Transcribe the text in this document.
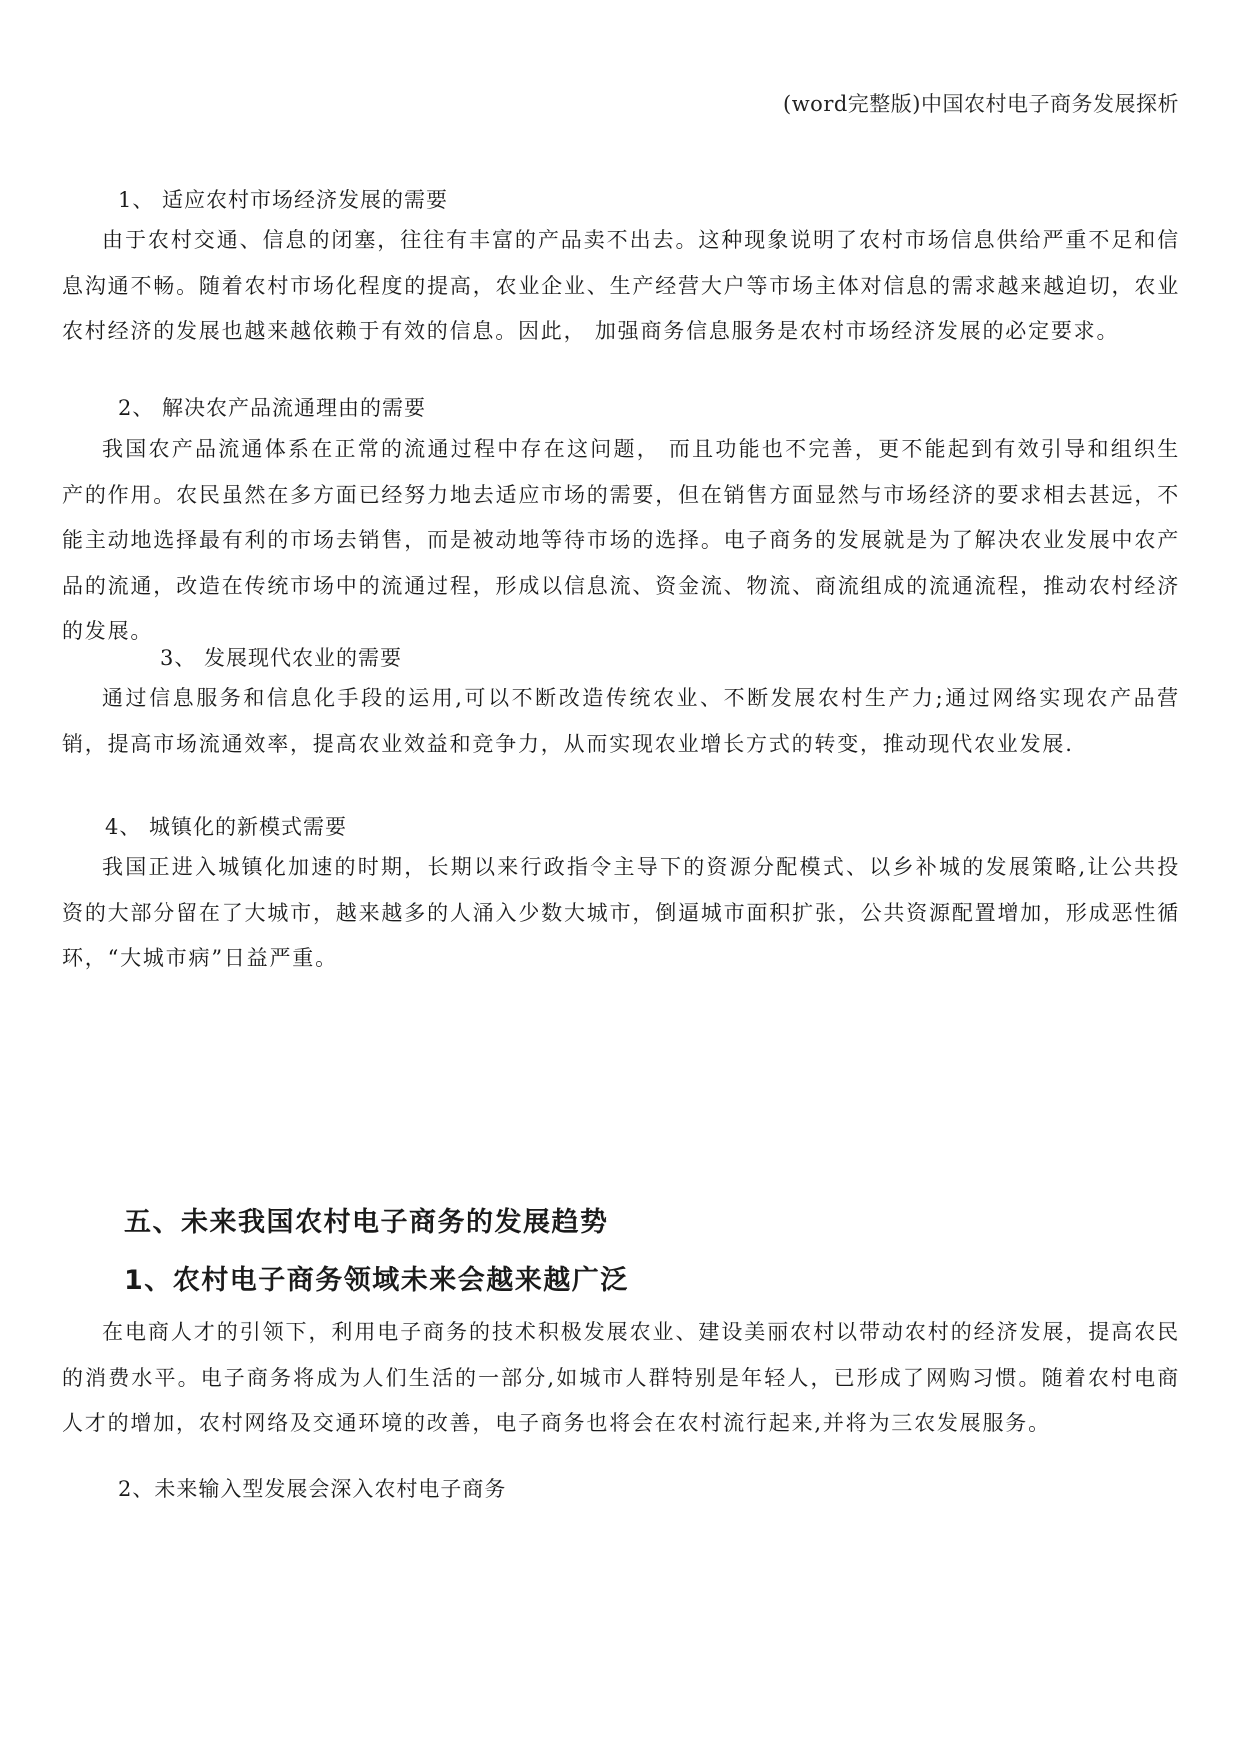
(word完整版)中国农村电子商务发展探析
1、 适应农村市场经济发展的需要

由于农村交通、信息的闭塞，往往有丰富的产品卖不出去。这种现象说明了农村市场信息供给严重不足和信息沟通不畅。随着农村市场化程度的提高，农业企业、生产经营大户等市场主体对信息的需求越来越迫切，农业农村经济的发展也越来越依赖于有效的信息。因此， 加强商务信息服务是农村市场经济发展的必定要求。

2、 解决农产品流通理由的需要

我国农产品流通体系在正常的流通过程中存在这问题， 而且功能也不完善，更不能起到有效引导和组织生产的作用。农民虽然在多方面已经努力地去适应市场的需要，但在销售方面显然与市场经济的要求相去甚远，不能主动地选择最有利的市场去销售，而是被动地等待市场的选择。电子商务的发展就是为了解决农业发展中农产品的流通，改造在传统市场中的流通过程，形成以信息流、资金流、物流、商流组成的流通流程，推动农村经济的发展。

3、 发展现代农业的需要

通过信息服务和信息化手段的运用,可以不断改造传统农业、不断发展农村生产力;通过网络实现农产品营销，提高市场流通效率，提高农业效益和竞争力，从而实现农业增长方式的转变，推动现代农业发展.

4、 城镇化的新模式需要

我国正进入城镇化加速的时期，长期以来行政指令主导下的资源分配模式、以乡补城的发展策略,让公共投资的大部分留在了大城市，越来越多的人涌入少数大城市，倒逼城市面积扩张，公共资源配置增加，形成恶性循环，“大城市病”日益严重。

五、未来我国农村电子商务的发展趋势
1、农村电子商务领域未来会越来越广泛

在电商人才的引领下，利用电子商务的技术积极发展农业、建设美丽农村以带动农村的经济发展，提高农民的消费水平。电子商务将成为人们生活的一部分,如城市人群特别是年轻人，已形成了网购习惯。随着农村电商人才的增加，农村网络及交通环境的改善，电子商务也将会在农村流行起来,并将为三农发展服务。

2、未来输入型发展会深入农村电子商务
